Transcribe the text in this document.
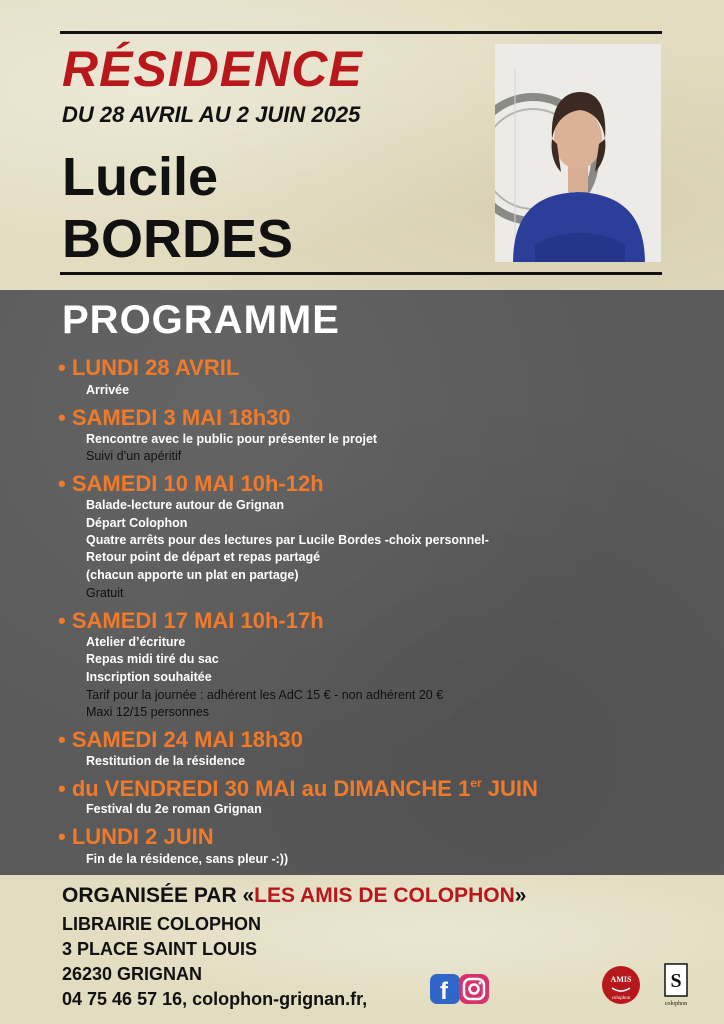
RÉSIDENCE
DU 28 AVRIL AU 2 JUIN 2025
Lucile
BORDES
PROGRAMME
• LUNDI 28 AVRIL
Arrivée
• SAMEDI 3 MAI 18h30
Rencontre avec le public pour présenter le projet
Suivi d’un apéritif
• SAMEDI 10 MAI 10h-12h
Balade-lecture autour de Grignan
Départ Colophon
Quatre arrêts pour des lectures par Lucile Bordes -choix personnel-
Retour point de départ et repas partagé
(chacun apporte un plat en partage)
Gratuit
• SAMEDI 17 MAI 10h-17h
Atelier d’écriture
Repas midi tiré du sac
Inscription souhaitée
Tarif pour la journée : adhérent les AdC 15 € - non adhérent 20 €
Maxi 12/15 personnes
• SAMEDI 24 MAI 18h30
Restitution de la résidence
• du VENDREDI 30 MAI au DIMANCHE 1er JUIN
Festival du 2e roman Grignan
• LUNDI 2 JUIN
Fin de la résidence, sans pleur -:))
ORGANISÉE PAR «LES AMIS DE COLOPHON»
LIBRAIRIE COLOPHON
3 PLACE SAINT LOUIS
26230 GRIGNAN
04 75 46 57 16, colophon-grignan.fr,	f	AMIS
colophon
S
colophon
